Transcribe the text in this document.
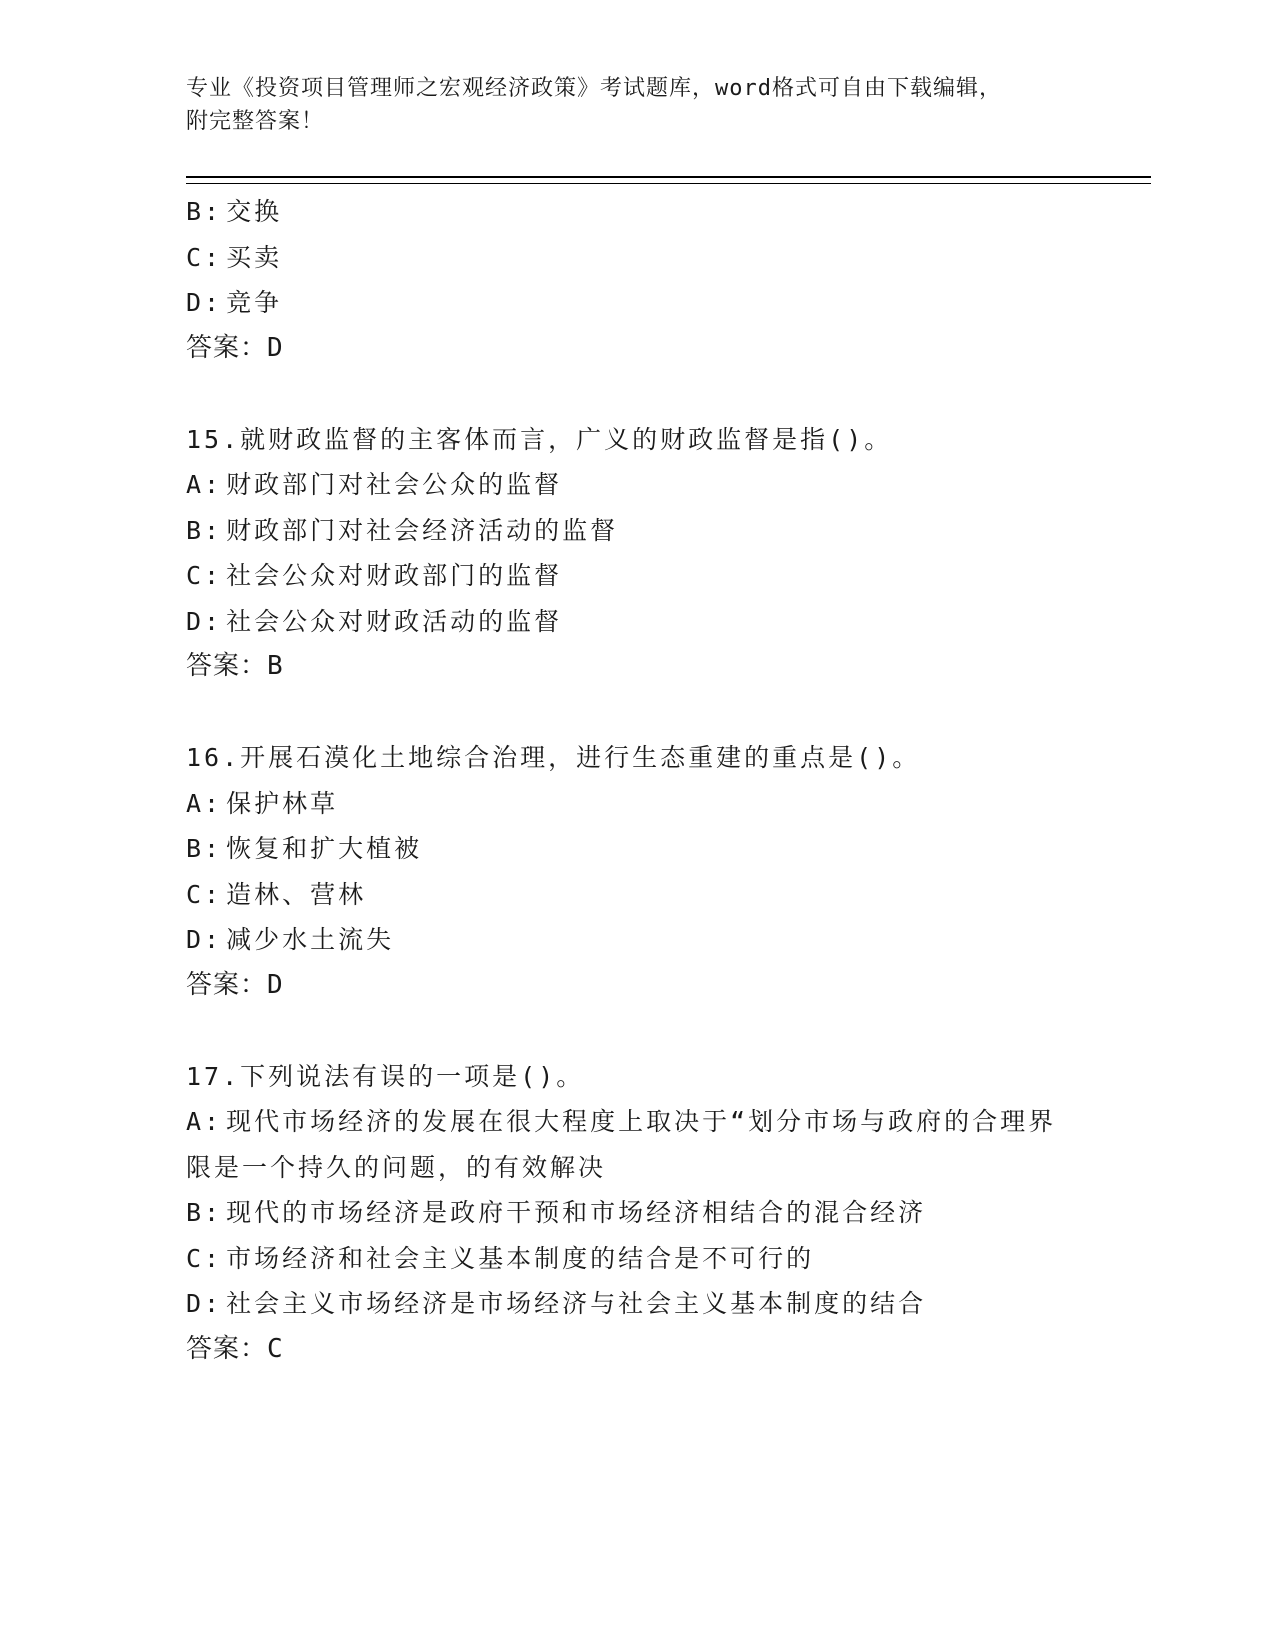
专业《投资项目管理师之宏观经济政策》考试题库，word格式可自由下载编辑，
附完整答案！
B: 交换
C: 买卖
D: 竞争
答案：D
15.就财政监督的主客体而言，广义的财政监督是指()。
A: 财政部门对社会公众的监督
B: 财政部门对社会经济活动的监督
C: 社会公众对财政部门的监督
D: 社会公众对财政活动的监督
答案：B
16.开展石漠化土地综合治理，进行生态重建的重点是()。
A: 保护林草
B: 恢复和扩大植被
C: 造林、营林
D: 减少水土流失
答案：D
17.下列说法有误的一项是()。
A: 现代市场经济的发展在很大程度上取决于“划分市场与政府的合理界限是一个持久的问题，的有效解决
B: 现代的市场经济是政府干预和市场经济相结合的混合经济
C: 市场经济和社会主义基本制度的结合是不可行的
D: 社会主义市场经济是市场经济与社会主义基本制度的结合
答案：C
